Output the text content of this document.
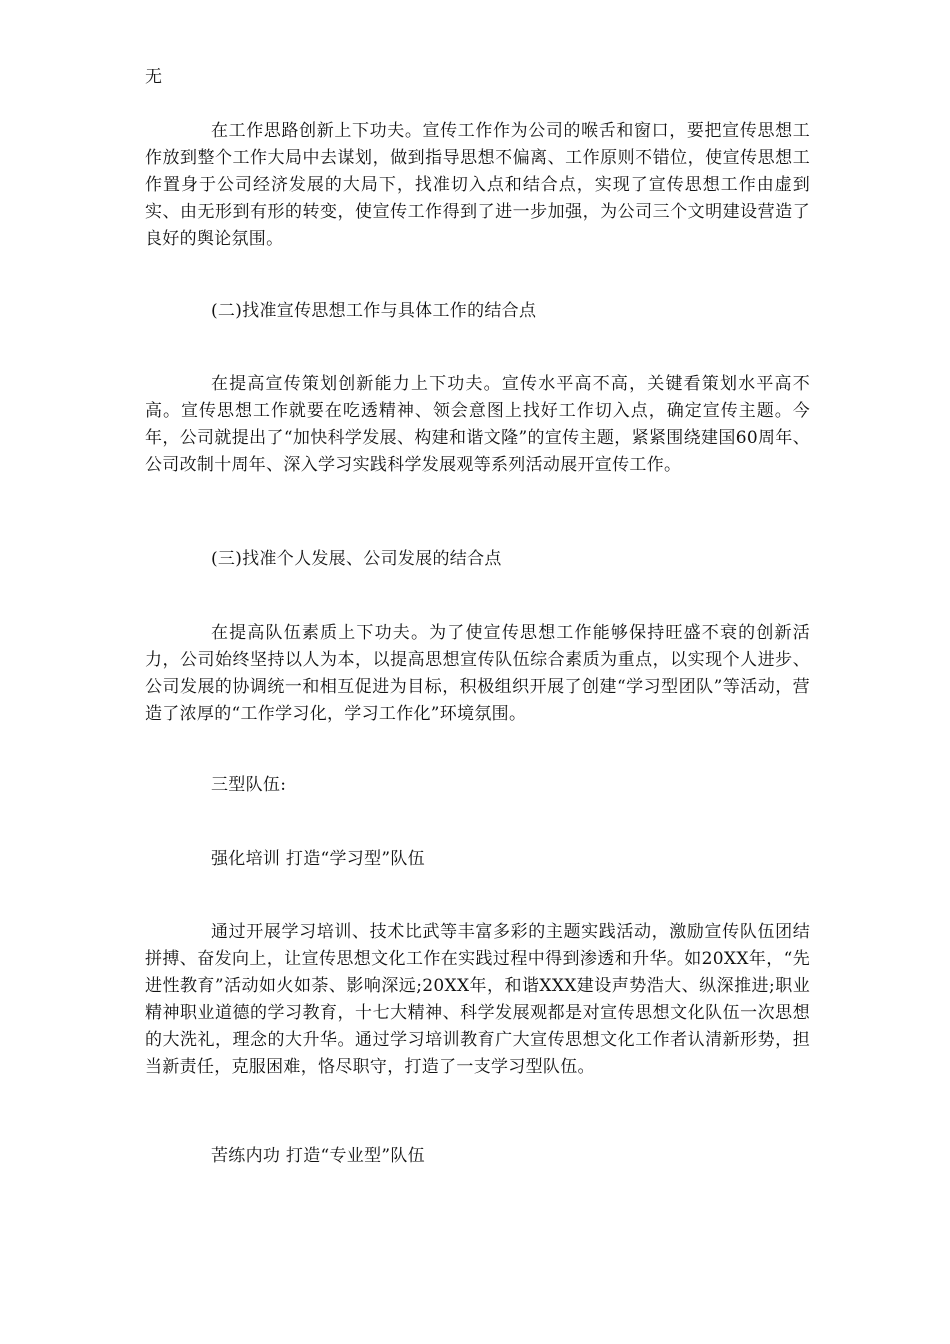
无

在工作思路创新上下功夫。宣传工作作为公司的喉舌和窗口，要把宣传思想工作放到整个工作大局中去谋划，做到指导思想不偏离、工作原则不错位，使宣传思想工作置身于公司经济发展的大局下，找准切入点和结合点，实现了宣传思想工作由虚到实、由无形到有形的转变，使宣传工作得到了进一步加强，为公司三个文明建设营造了良好的舆论氛围。

(二)找准宣传思想工作与具体工作的结合点

在提高宣传策划创新能力上下功夫。宣传水平高不高，关键看策划水平高不高。宣传思想工作就要在吃透精神、领会意图上找好工作切入点，确定宣传主题。今年，公司就提出了“加快科学发展、构建和谐文隆”的宣传主题，紧紧围绕建国60周年、公司改制十周年、深入学习实践科学发展观等系列活动展开宣传工作。

(三)找准个人发展、公司发展的结合点

在提高队伍素质上下功夫。为了使宣传思想工作能够保持旺盛不衰的创新活力，公司始终坚持以人为本，以提高思想宣传队伍综合素质为重点，以实现个人进步、公司发展的协调统一和相互促进为目标，积极组织开展了创建“学习型团队”等活动，营造了浓厚的“工作学习化，学习工作化”环境氛围。

三型队伍:

强化培训 打造“学习型”队伍

通过开展学习培训、技术比武等丰富多彩的主题实践活动，激励宣传队伍团结拼搏、奋发向上，让宣传思想文化工作在实践过程中得到渗透和升华。如20XX年，“先进性教育”活动如火如荼、影响深远;20XX年，和谐XXX建设声势浩大、纵深推进;职业精神职业道德的学习教育，十七大精神、科学发展观都是对宣传思想文化队伍一次思想的大洗礼，理念的大升华。通过学习培训教育广大宣传思想文化工作者认清新形势，担当新责任，克服困难，恪尽职守，打造了一支学习型队伍。

苦练内功 打造“专业型”队伍
